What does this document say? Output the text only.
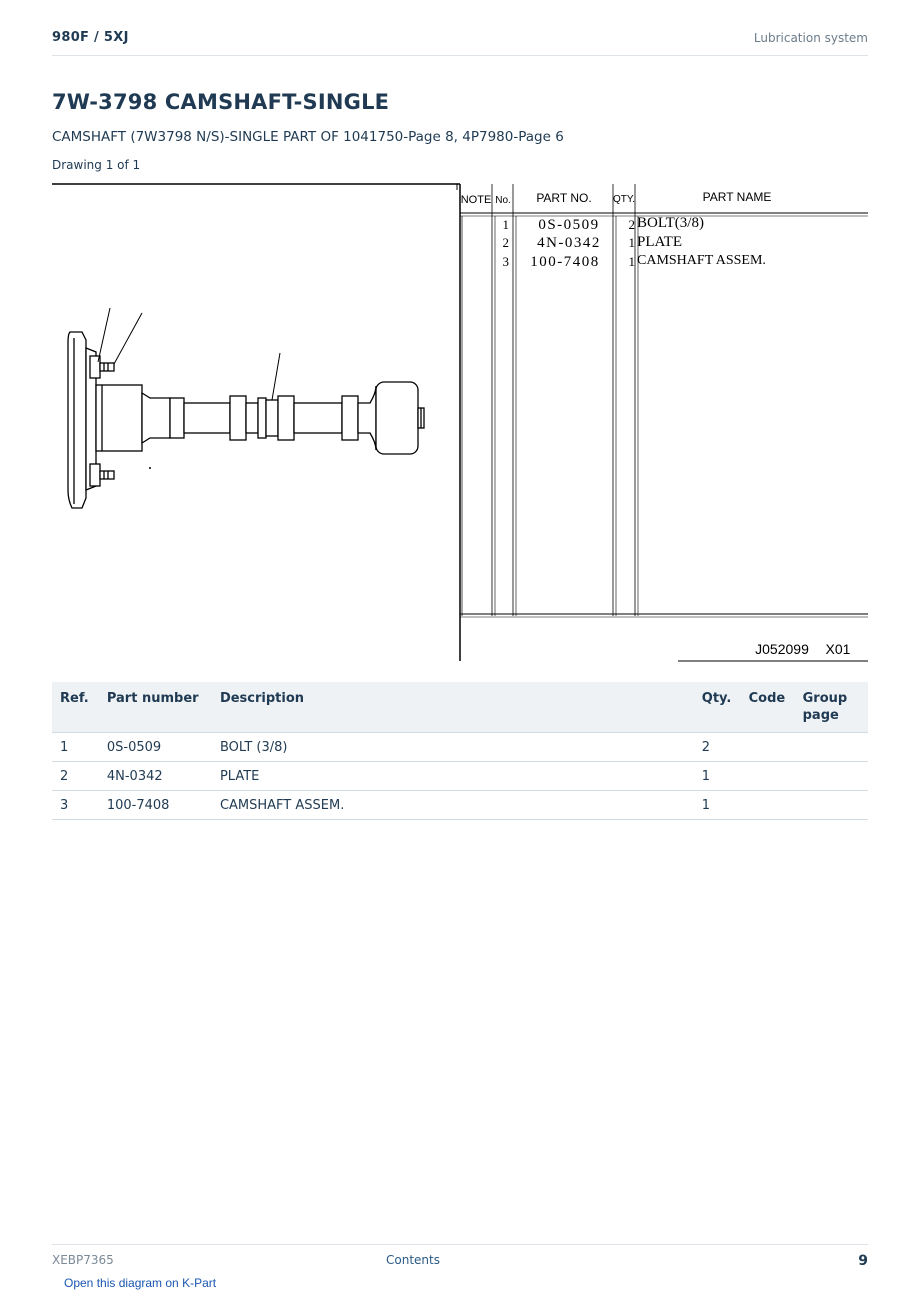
980F / 5XJ	Lubrication system
7W-3798 CAMSHAFT-SINGLE
CAMSHAFT (7W3798 N/S)-SINGLE PART OF 1041750-Page 8, 4P7980-Page 6
Drawing 1 of 1
NOTE No. PART NO. QTY.	PART NAME
1 0S-0509 2 BOLT(3/8)
2 4N-0342 1 PLATE
3 100-7408 1 CAMSHAFT ASSEM.
J052099 X01
Ref.	Part number	Description	Qty.	Code	Group page
1	0S-0509	BOLT (3/8)	2		
2	4N-0342	PLATE	1		
3	100-7408	CAMSHAFT ASSEM.	1		
XEBP7365	Contents	9
Open this diagram on K-Part
